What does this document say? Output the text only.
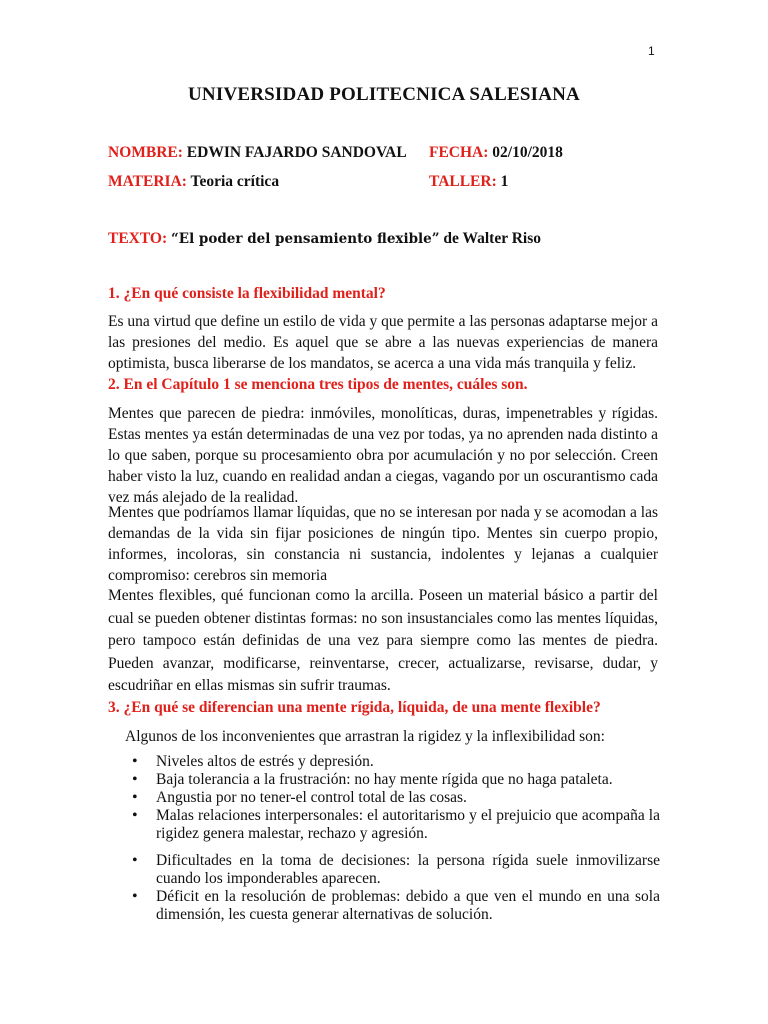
1
UNIVERSIDAD POLITECNICA SALESIANA
NOMBRE: EDWIN FAJARDO SANDOVAL FECHA: 02/10/2018
MATERIA: Teoria crítica	TALLER: 1
TEXTO: “El poder del pensamiento flexible” de Walter Riso
1. ¿En qué consiste la flexibilidad mental?
Es una virtud que define un estilo de vida y que permite a las personas adaptarse mejor a las presiones del medio. Es aquel que se abre a las nuevas experiencias de manera optimista, busca liberarse de los mandatos, se acerca a una vida más tranquila y feliz.
2. En el Capítulo 1 se menciona tres tipos de mentes, cuáles son.
Mentes que parecen de piedra: inmóviles, monolíticas, duras, impenetrables y rígidas. Estas mentes ya están determinadas de una vez por todas, ya no aprenden nada distinto a lo que saben, porque su procesamiento obra por acumulación y no por selección. Creen haber visto la luz, cuando en realidad andan a ciegas, vagando por un oscurantismo cada vez más alejado de la realidad.
Mentes que podríamos llamar líquidas, que no se interesan por nada y se acomodan a las demandas de la vida sin fijar posiciones de ningún tipo. Mentes sin cuerpo propio, informes, incoloras, sin constancia ni sustancia, indolentes y lejanas a cualquier compromiso: cerebros sin memoria
Mentes flexibles, qué funcionan como la arcilla. Poseen un material básico a partir del cual se pueden obtener distintas formas: no son insustanciales como las mentes líquidas, pero tampoco están definidas de una vez para siempre como las mentes de piedra. Pueden avanzar, modificarse, reinventarse, crecer, actualizarse, revisarse, dudar, y escudriñar en ellas mismas sin sufrir traumas.
3. ¿En qué se diferencian una mente rígida, líquida, de una mente flexible?
Algunos de los inconvenientes que arrastran la rigidez y la inflexibilidad son:
• Niveles altos de estrés y depresión.
• Baja tolerancia a la frustración: no hay mente rígida que no haga pataleta.
• Angustia por no tener-el control total de las cosas.
• Malas relaciones interpersonales: el autoritarismo y el prejuicio que acompaña la rigidez genera malestar, rechazo y agresión.
• Dificultades en la toma de decisiones: la persona rígida suele inmovilizarse cuando los imponderables aparecen.
• Déficit en la resolución de problemas: debido a que ven el mundo en una sola dimensión, les cuesta generar alternativas de solución.
